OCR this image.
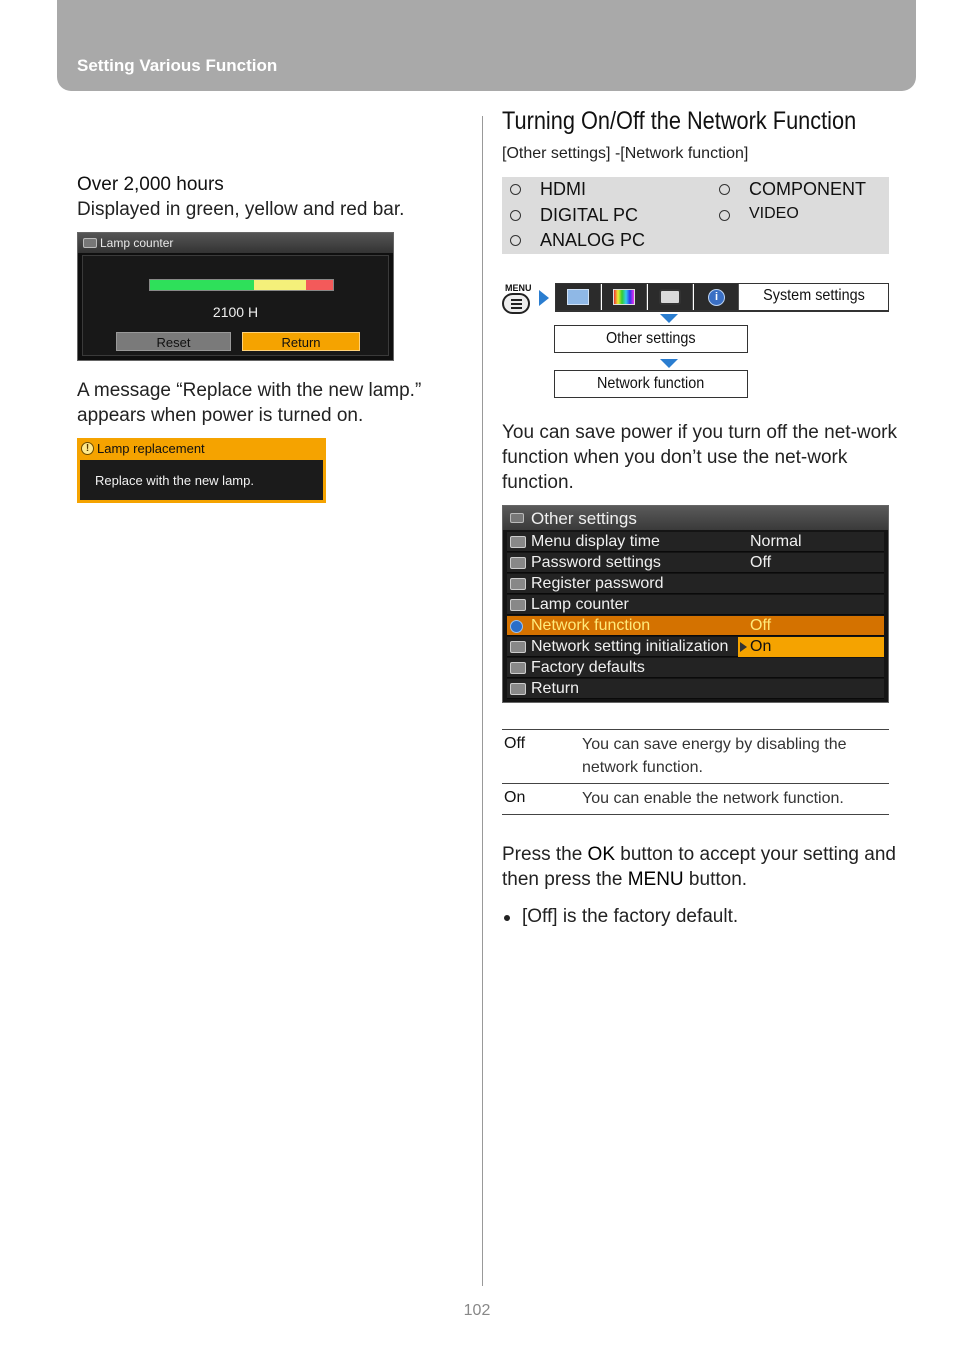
Setting Various Function
Over 2,000 hours
Displayed in green, yellow and red bar.
Lamp counter
2100 H
Reset	Return
A message “Replace with the new lamp.” appears when power is turned on.
! Lamp replacement
Replace with the new lamp.
Turning On/Off the Network Function
[Other settings] -[Network function]
HDMI
DIGITAL PC
ANALOG PC
COMPONENT
VIDEO
MENU
i	System settings
Other settings
Network function
You can save power if you turn off the net-work function when you don’t use the net-work function.
Other settings
Menu display time	Normal
Password settings	Off
Register password
Lamp counter
Network function	Off
Network setting initialization On
Factory defaults
Return
Off	You can save energy by disabling the network function.
On	You can enable the network function.
Press the OK button to accept your setting and then press the MENU button.
[Off] is the factory default.
102
